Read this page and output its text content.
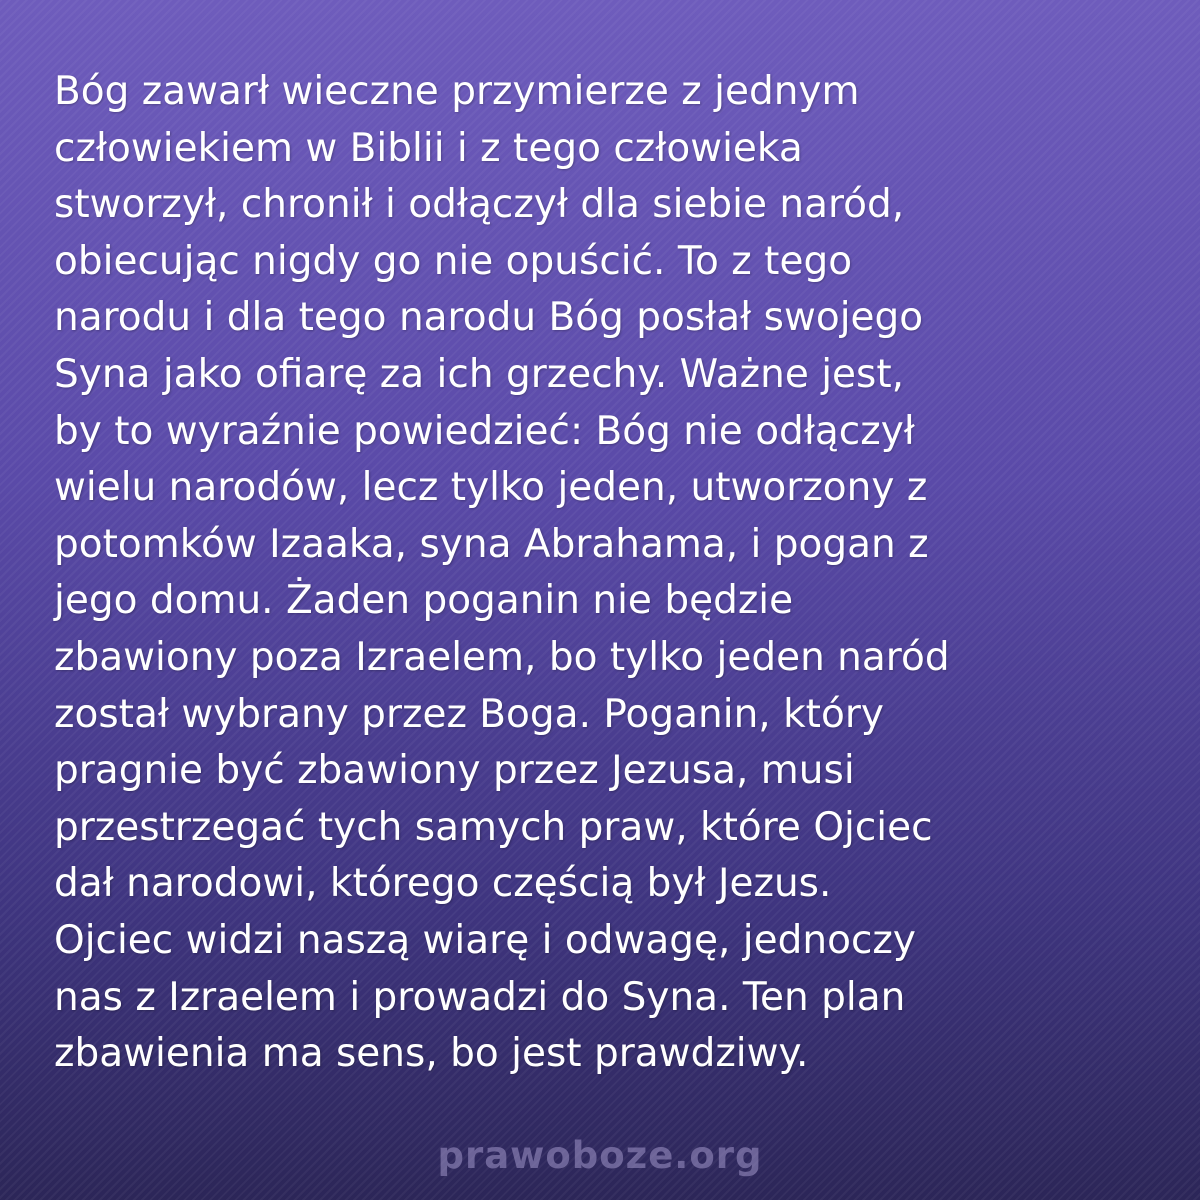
Bóg zawarł wieczne przymierze z jednym
człowiekiem w Biblii i z tego człowieka
stworzył, chronił i odłączył dla siebie naród,
obiecując nigdy go nie opuścić. To z tego
narodu i dla tego narodu Bóg posłał swojego
Syna jako ofiarę za ich grzechy. Ważne jest,
by to wyraźnie powiedzieć: Bóg nie odłączył
wielu narodów, lecz tylko jeden, utworzony z
potomków Izaaka, syna Abrahama, i pogan z
jego domu. Żaden poganin nie będzie
zbawiony poza Izraelem, bo tylko jeden naród
został wybrany przez Boga. Poganin, który
pragnie być zbawiony przez Jezusa, musi
przestrzegać tych samych praw, które Ojciec
dał narodowi, którego częścią był Jezus.
Ojciec widzi naszą wiarę i odwagę, jednoczy
nas z Izraelem i prowadzi do Syna. Ten plan
zbawienia ma sens, bo jest prawdziwy.

prawoboze.org
